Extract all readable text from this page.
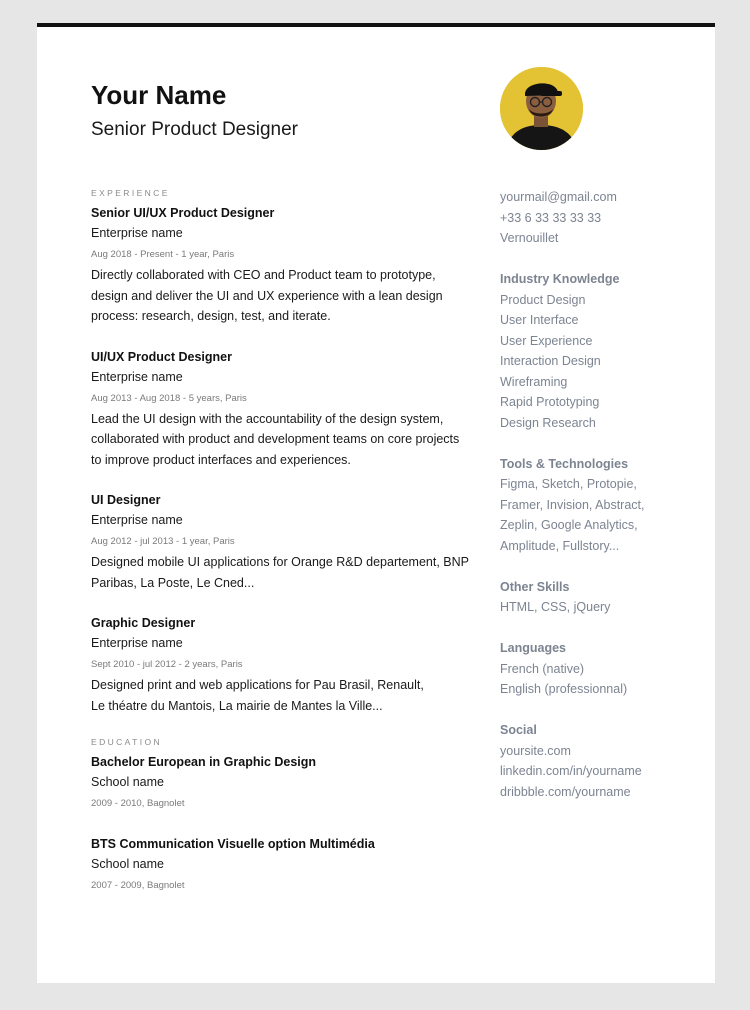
Your Name
Senior Product Designer
EXPERIENCE
Senior UI/UX Product Designer
Enterprise name
Aug 2018 - Present - 1 year, Paris
Directly collaborated with CEO and Product team to prototype,
design and deliver the UI and UX experience with a lean design
process: research, design, test, and iterate.
UI/UX Product Designer
Enterprise name
Aug 2013 - Aug 2018 - 5 years, Paris
Lead the UI design with the accountability of the design system,
collaborated with product and development teams on core projects
to improve product interfaces and experiences.
UI Designer
Enterprise name
Aug 2012 - jul 2013 - 1 year, Paris
Designed mobile UI applications for Orange R&D departement, BNP
Paribas, La Poste, Le Cned...
Graphic Designer
Enterprise name
Sept 2010 - jul 2012 - 2 years, Paris
Designed print and web applications for Pau Brasil, Renault,
Le théatre du Mantois, La mairie de Mantes la Ville...
EDUCATION
Bachelor European in Graphic Design
School name
2009 - 2010, Bagnolet
BTS Communication Visuelle option Multimédia
School name
2007 - 2009, Bagnolet
yourmail@gmail.com
+33 6 33 33 33 33
Vernouillet
Industry Knowledge
Product Design
User Interface
User Experience
Interaction Design
Wireframing
Rapid Prototyping
Design Research
Tools & Technologies
Figma, Sketch, Protopie,
Framer, Invision, Abstract,
Zeplin, Google Analytics,
Amplitude, Fullstory...
Other Skills
HTML, CSS, jQuery
Languages
French (native)
English (professionnal)
Social
yoursite.com
linkedin.com/in/yourname
dribbble.com/yourname
